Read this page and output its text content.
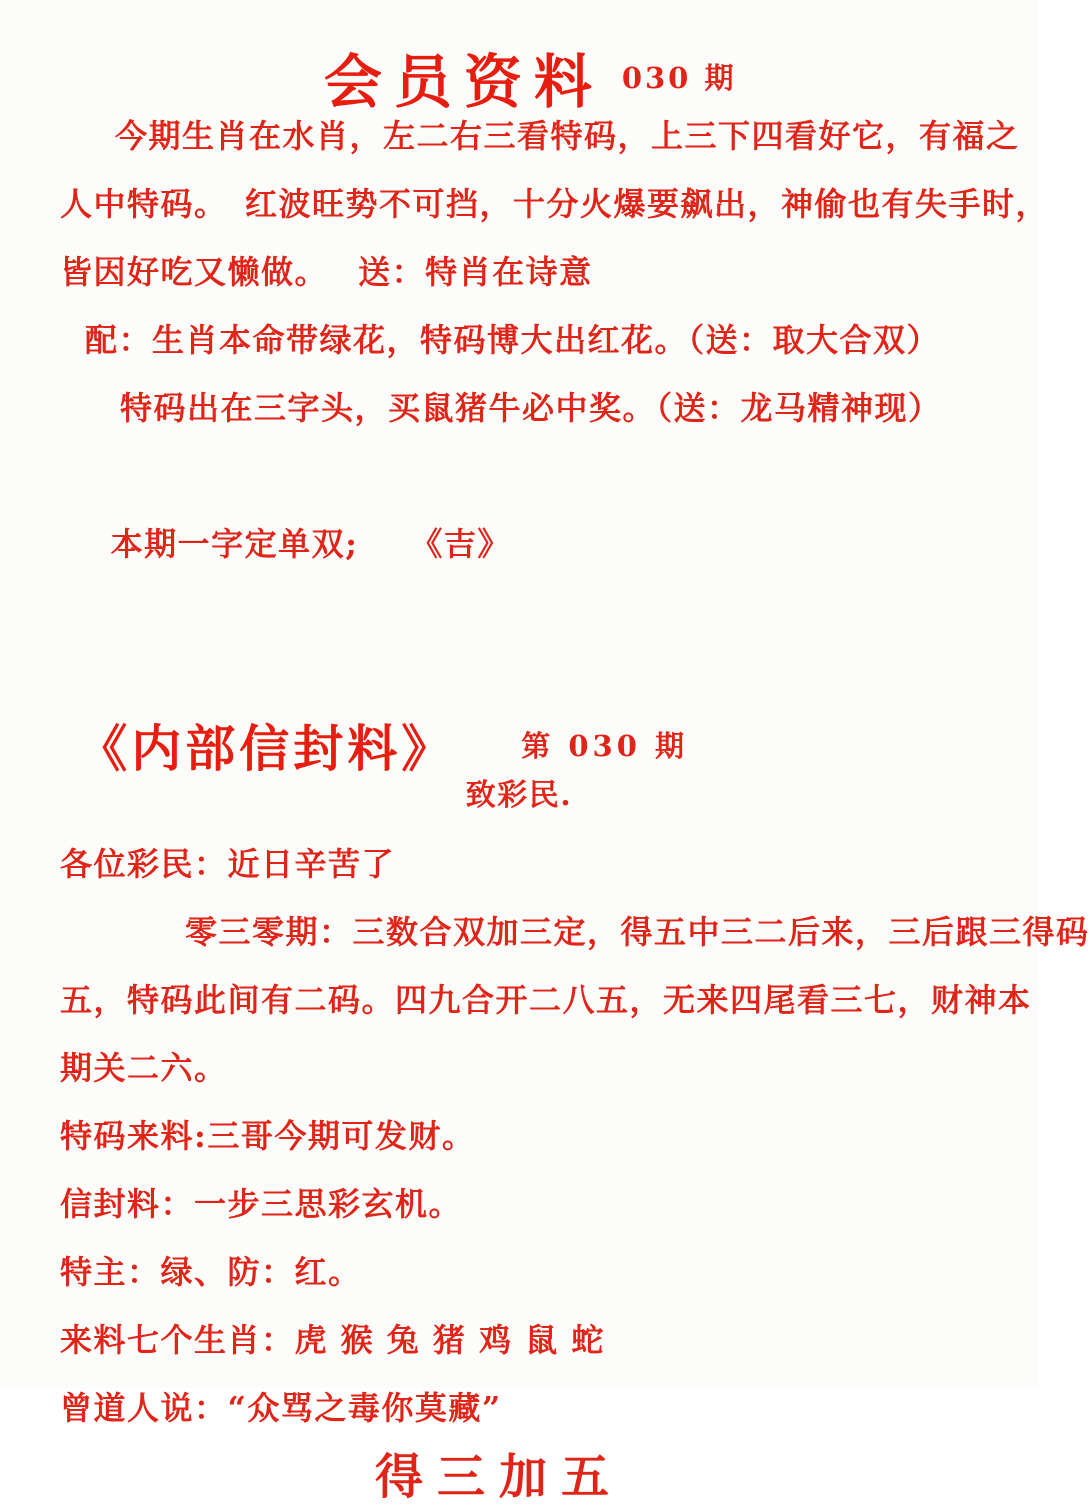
会员资料 030 期

今期生肖在水肖，左二右三看特码，上三下四看好它，有福之
人中特码。　红波旺势不可挡，十分火爆要飙出，神偷也有失手时，
皆因好吃又懒做。　 送：特肖在诗意
配：生肖本命带绿花，特码博大出红花。（送：取大合双）
特码出在三字头，买鼠猪牛必中奖。（送：龙马精神现）

本期一字定单双; 《吉》

《内部信封料》 第 030 期

致彩民.
各位彩民：近日辛苦了
零三零期：三数合双加三定，得五中三二后来，三后跟三得码
五，特码此间有二码。四九合开二八五，无来四尾看三七，财神本
期关二六。
特码来料:三哥今期可发财。
信封料：一步三思彩玄机。
特主：绿、防：红。
来料七个生肖：虎 猴 兔 猪 鸡 鼠 蛇
曾道人说：“众骂之毒你莫藏”
得三加五
